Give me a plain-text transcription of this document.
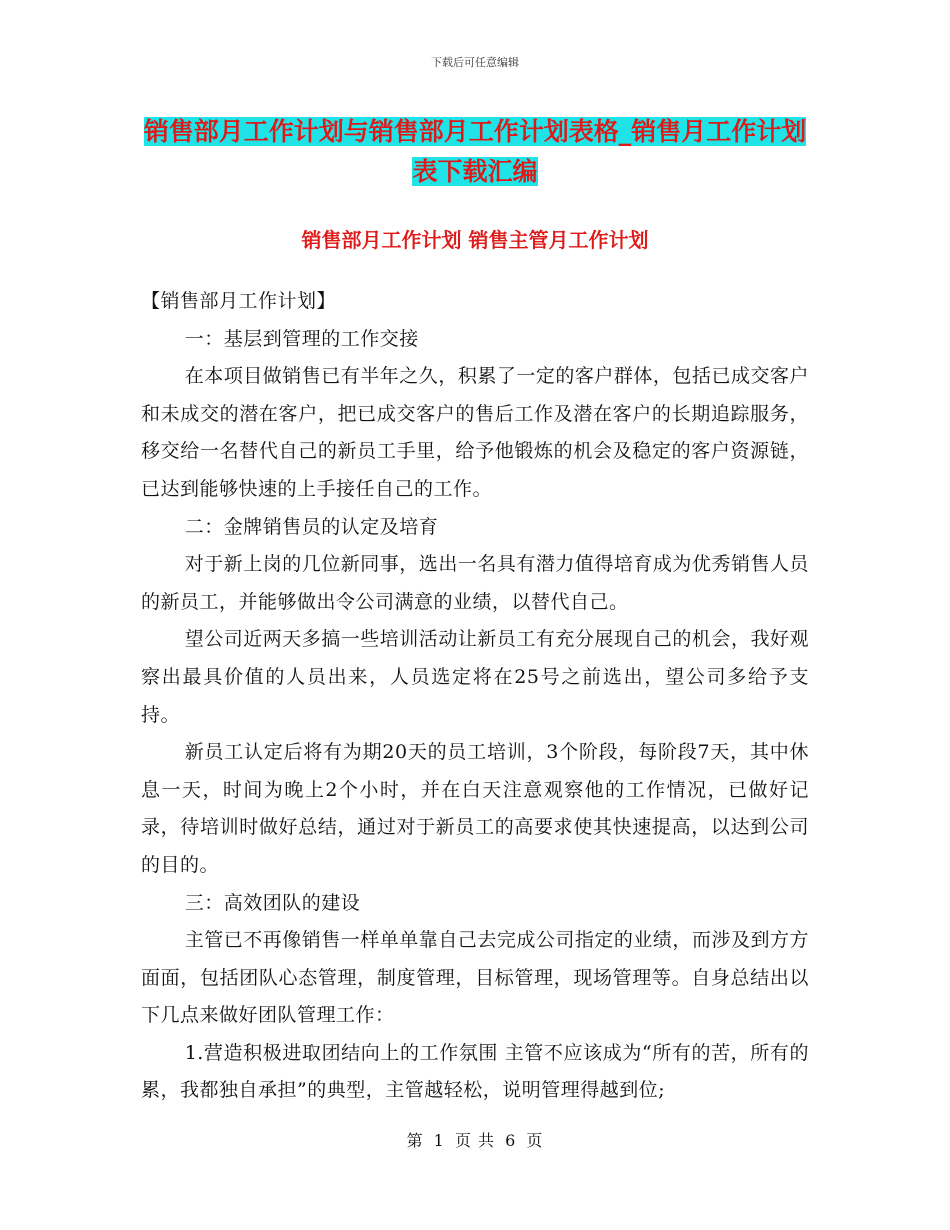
下载后可任意编辑
销售部月工作计划与销售部月工作计划表格_销售月工作计划表下载汇编
销售部月工作计划 销售主管月工作计划

【销售部月工作计划】

一：基层到管理的工作交接

在本项目做销售已有半年之久，积累了一定的客户群体，包括已成交客户和未成交的潜在客户，把已成交客户的售后工作及潜在客户的长期追踪服务，移交给一名替代自己的新员工手里，给予他锻炼的机会及稳定的客户资源链，已达到能够快速的上手接任自己的工作。

二：金牌销售员的认定及培育

对于新上岗的几位新同事，选出一名具有潜力值得培育成为优秀销售人员的新员工，并能够做出令公司满意的业绩，以替代自己。

望公司近两天多搞一些培训活动让新员工有充分展现自己的机会，我好观察出最具价值的人员出来，人员选定将在25号之前选出，望公司多给予支持。

新员工认定后将有为期20天的员工培训，3个阶段，每阶段7天，其中休息一天，时间为晚上2个小时，并在白天注意观察他的工作情况，已做好记录，待培训时做好总结，通过对于新员工的高要求使其快速提高，以达到公司的目的。

三：高效团队的建设

主管已不再像销售一样单单靠自己去完成公司指定的业绩，而涉及到方方面面，包括团队心态管理，制度管理，目标管理，现场管理等。自身总结出以下几点来做好团队管理工作：

1.营造积极进取团结向上的工作氛围 主管不应该成为“所有的苦，所有的累，我都独自承担”的典型，主管越轻松，说明管理得越到位;

第 1 页 共 6 页
